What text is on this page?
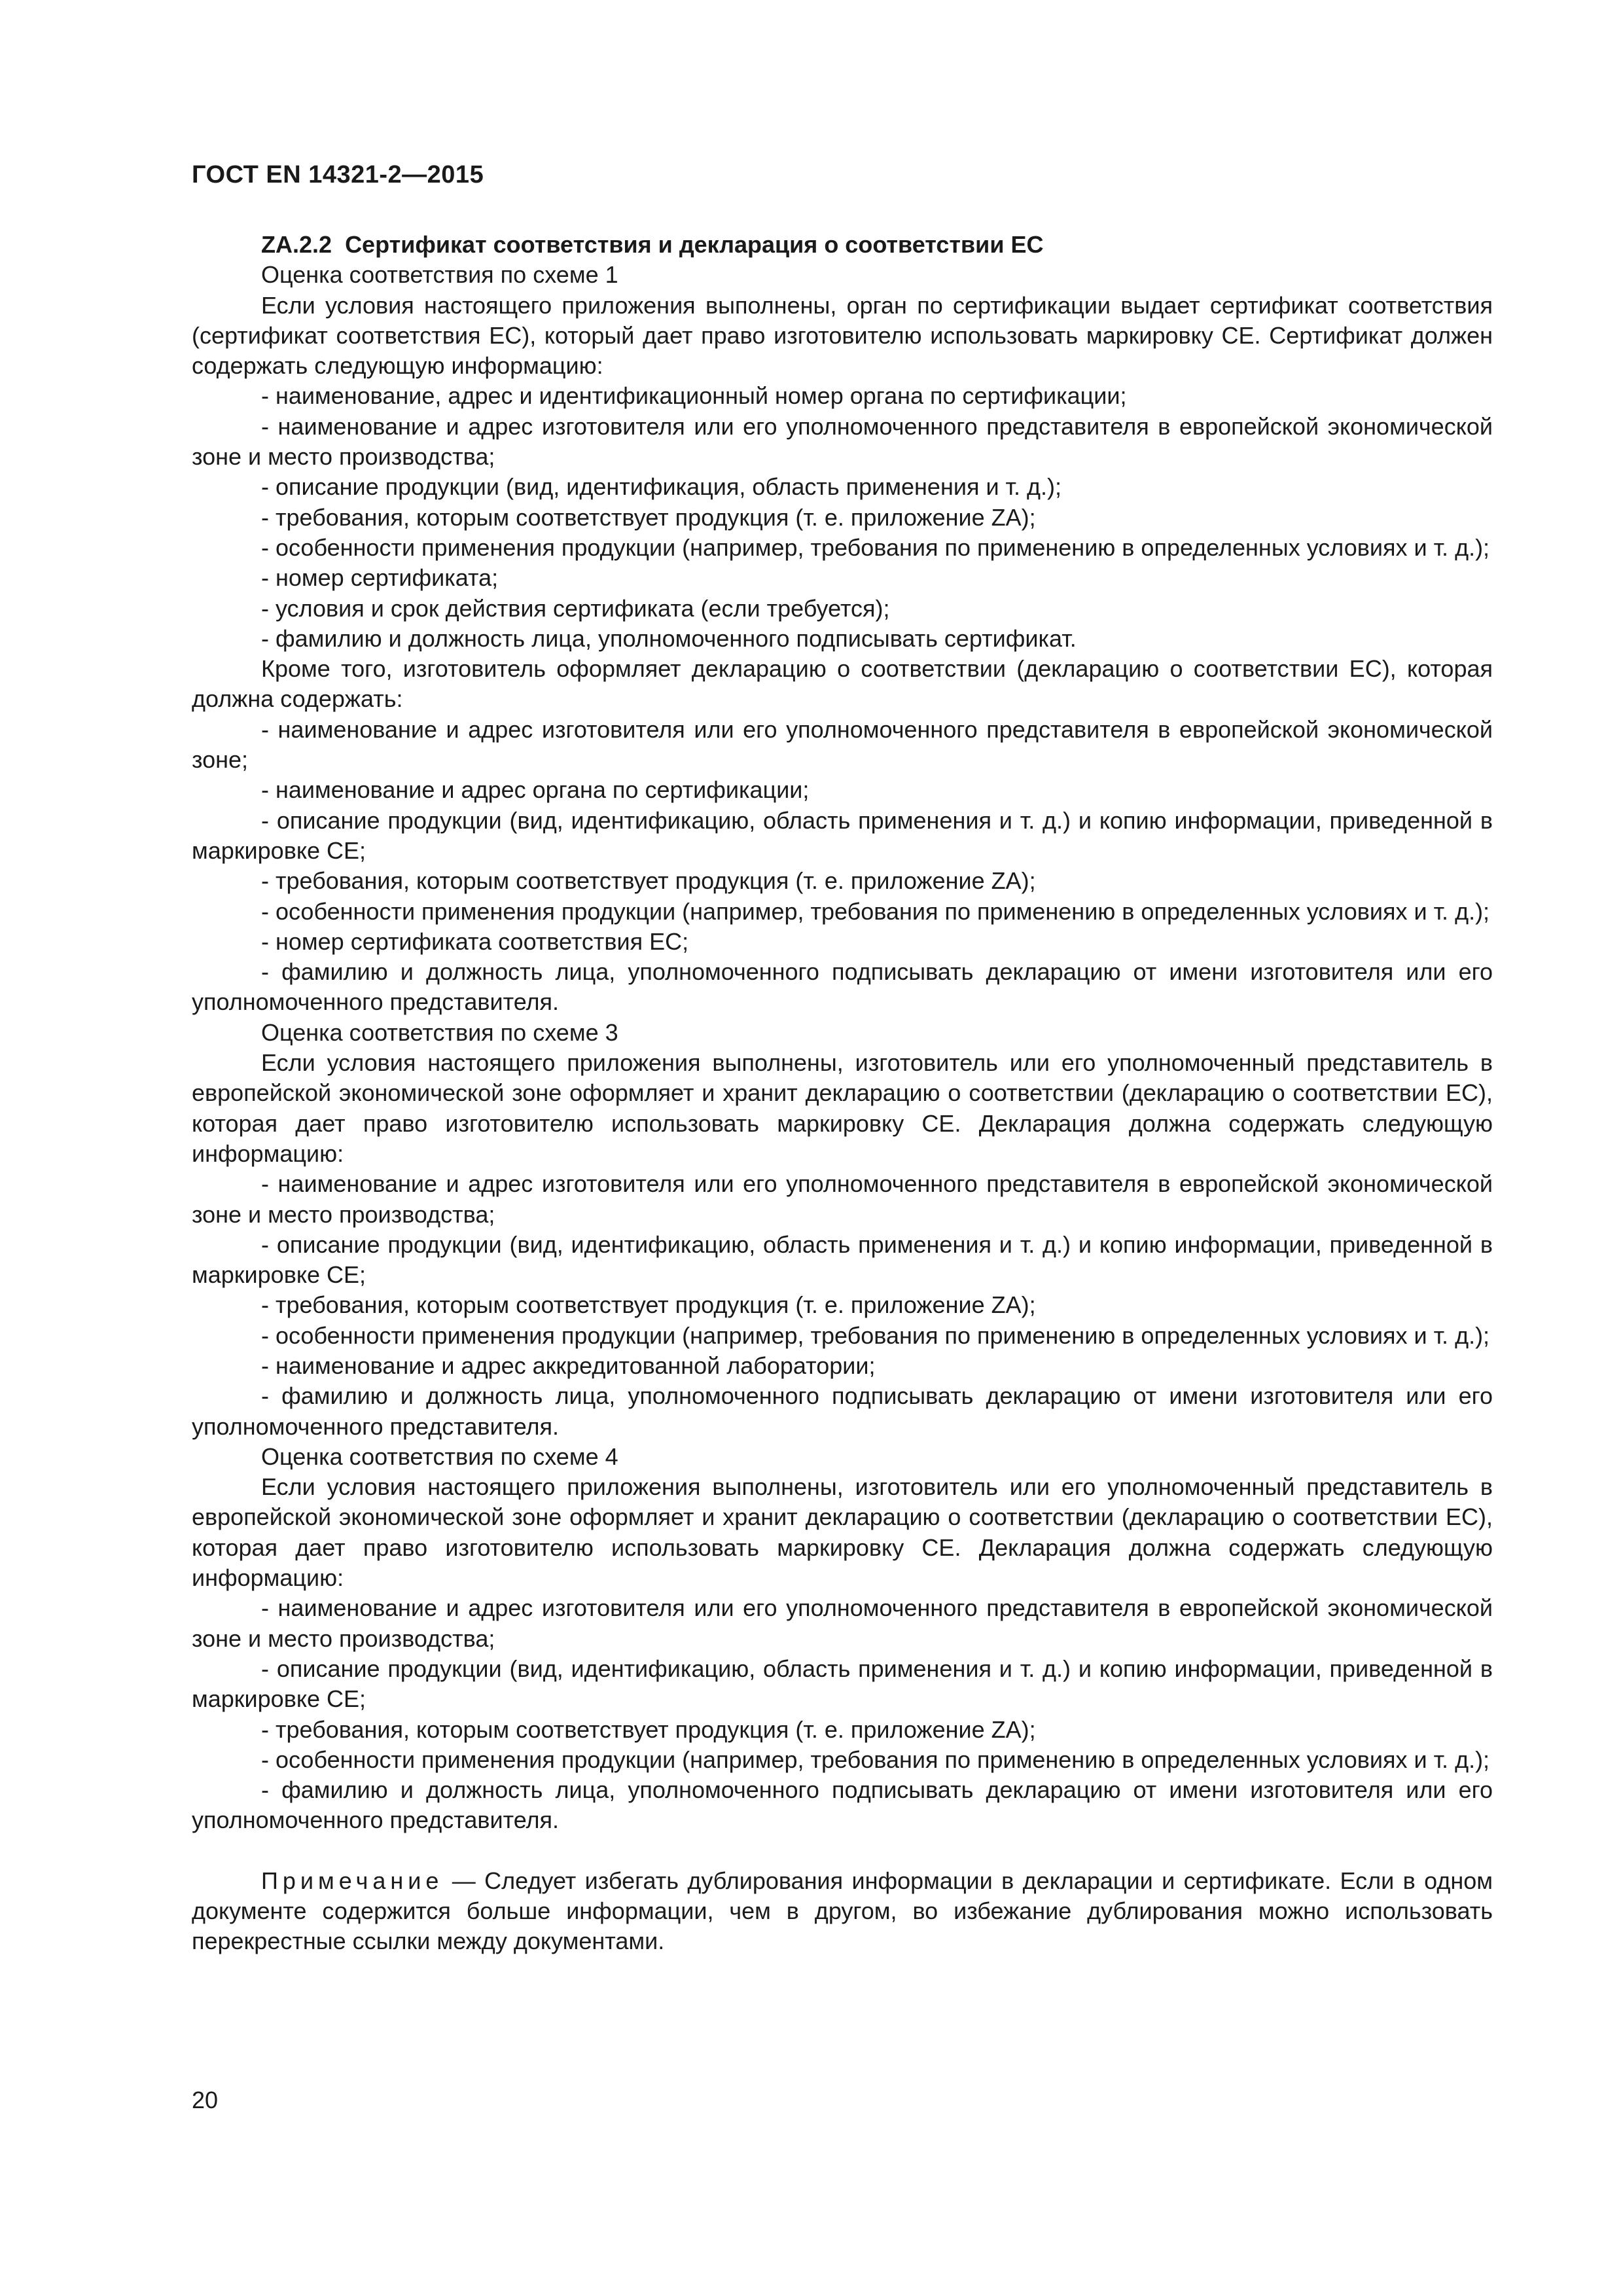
ГОСТ EN 14321-2—2015

ZA.2.2 Сертификат соответствия и декларация о соответствии ЕС

Оценка соответствия по схеме 1

Если условия настоящего приложения выполнены, орган по сертификации выдает сертификат соответствия (сертификат соответствия ЕС), который дает право изготовителю использовать маркировку СЕ. Сертификат должен содержать следующую информацию:

- наименование, адрес и идентификационный номер органа по сертификации;

- наименование и адрес изготовителя или его уполномоченного представителя в европейской экономической зоне и место производства;

- описание продукции (вид, идентификация, область применения и т. д.);

- требования, которым соответствует продукция (т. е. приложение ZA);

- особенности применения продукции (например, требования по применению в определенных условиях и т. д.);

- номер сертификата;

- условия и срок действия сертификата (если требуется);

- фамилию и должность лица, уполномоченного подписывать сертификат.

Кроме того, изготовитель оформляет декларацию о соответствии (декларацию о соответствии ЕС), которая должна содержать:

- наименование и адрес изготовителя или его уполномоченного представителя в европейской экономической зоне;

- наименование и адрес органа по сертификации;

- описание продукции (вид, идентификацию, область применения и т. д.) и копию информации, приведенной в маркировке СЕ;

- требования, которым соответствует продукция (т. е. приложение ZA);

- особенности применения продукции (например, требования по применению в определенных условиях и т. д.);

- номер сертификата соответствия ЕС;

- фамилию и должность лица, уполномоченного подписывать декларацию от имени изготовителя или его уполномоченного представителя.

Оценка соответствия по схеме 3

Если условия настоящего приложения выполнены, изготовитель или его уполномоченный представитель в европейской экономической зоне оформляет и хранит декларацию о соответствии (декларацию о соответствии ЕС), которая дает право изготовителю использовать маркировку СЕ. Декларация должна содержать следующую информацию:

- наименование и адрес изготовителя или его уполномоченного представителя в европейской экономической зоне и место производства;

- описание продукции (вид, идентификацию, область применения и т. д.) и копию информации, приведенной в маркировке СЕ;

- требования, которым соответствует продукция (т. е. приложение ZA);

- особенности применения продукции (например, требования по применению в определенных условиях и т. д.);

- наименование и адрес аккредитованной лаборатории;

- фамилию и должность лица, уполномоченного подписывать декларацию от имени изготовителя или его уполномоченного представителя.

Оценка соответствия по схеме 4

Если условия настоящего приложения выполнены, изготовитель или его уполномоченный представитель в европейской экономической зоне оформляет и хранит декларацию о соответствии (декларацию о соответствии ЕС), которая дает право изготовителю использовать маркировку СЕ. Декларация должна содержать следующую информацию:

- наименование и адрес изготовителя или его уполномоченного представителя в европейской экономической зоне и место производства;

- описание продукции (вид, идентификацию, область применения и т. д.) и копию информации, приведенной в маркировке СЕ;

- требования, которым соответствует продукция (т. е. приложение ZA);

- особенности применения продукции (например, требования по применению в определенных условиях и т. д.);

- фамилию и должность лица, уполномоченного подписывать декларацию от имени изготовителя или его уполномоченного представителя.

Примечание — Следует избегать дублирования информации в декларации и сертификате. Если в одном документе содержится больше информации, чем в другом, во избежание дублирования можно использовать перекрестные ссылки между документами.

20
